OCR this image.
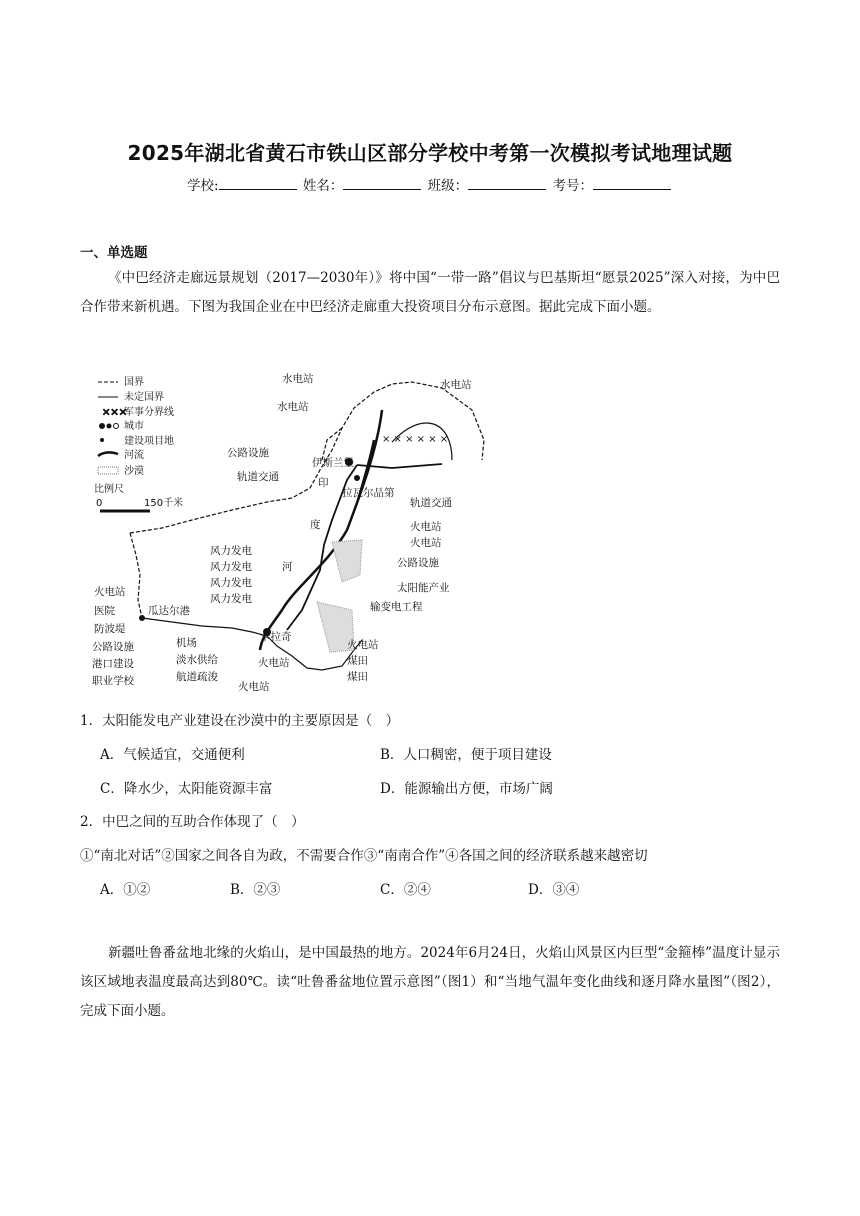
2025年湖北省黄石市铁山区部分学校中考第一次模拟考试地理试题
学校:	姓名：	班级：	考号：
一、单选题
《中巴经济走廊远景规划（2017—2030年）》将中国“一带一路”倡议与巴基斯坦“愿景2025”深入对接，为中巴合作带来新机遇。下图为我国企业在中巴经济走廊重大投资项目分布示意图。据此完成下面小题。
×××
国界
未定国界
军事分界线
城市
建设项目地
河流
沙漠
比例尺
0	150千米
× × × × × ×
水电站
水电站
水电站
公路设施
轨道交通
伊斯兰堡
印
拉瓦尔品第
轨道交通
度	火电站
火电站
公路设施
太阳能产业
输变电工程
河
风力发电
风力发电
风力发电
风力发电
火电站
医院	瓜达尔港
防波堤
机场
公路设施
淡水供给
港口建设
航道疏浚
职业学校
卡拉奇
火电站
火电站
火电站
煤田
煤田
1．太阳能发电产业建设在沙漠中的主要原因是（　）
A．气候适宜，交通便利	B．人口稠密，便于项目建设
C．降水少，太阳能资源丰富	D．能源输出方便，市场广阔
2．中巴之间的互助合作体现了（　）
①“南北对话”②国家之间各自为政，不需要合作③“南南合作”④各国之间的经济联系越来越密切
A．①②	B．②③	C．②④	D．③④
新疆吐鲁番盆地北缘的火焰山，是中国最热的地方。2024年6月24日，火焰山风景区内巨型“金箍棒”温度计显示该区域地表温度最高达到80℃。读“吐鲁番盆地位置示意图”（图1）和“当地气温年变化曲线和逐月降水量图”（图2），完成下面小题。
